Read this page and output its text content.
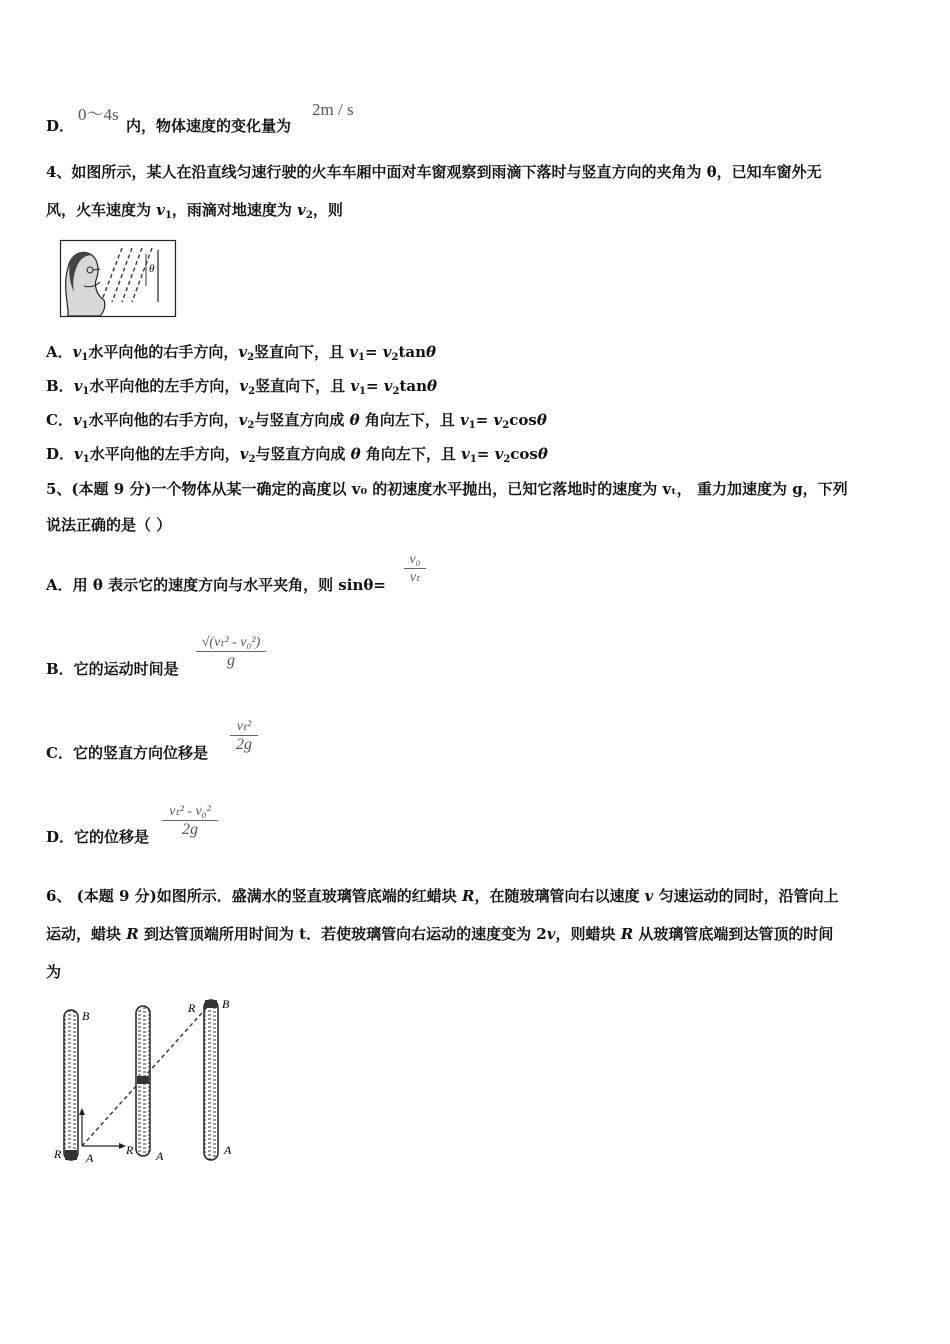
D．
0～4s
内，物体速度的变化量为
2m / s
4、如图所示，某人在沿直线匀速行驶的火车车厢中面对车窗观察到雨滴下落时与竖直方向的夹角为 θ，已知车窗外无
风，火车速度为 $v_1$，雨滴对地速度为 $v_2$，则
θ
A．$v_1$水平向他的右手方向，$v_2$竖直向下，且 $v_1= v_2\tan\theta$
B．$v_1$水平向他的左手方向，$v_2$竖直向下，且 $v_1= v_2\tan\theta$
C．$v_1$水平向他的右手方向，$v_2$与竖直方向成 θ 角向左下，且 $v_1= v_2\cos\theta$
D．$v_1$水平向他的左手方向，$v_2$与竖直方向成 θ 角向左下，且 $v_1= v_2\cos\theta$
5、(本题 9 分)一个物体从某一确定的高度以 v₀ 的初速度水平抛出，已知它落地时的速度为 vₜ， 重力加速度为 g，下列
说法正确的是（ ）
A．用 θ 表示它的速度方向与水平夹角，则 $\sin\theta= \frac{\text{v₀}}{\text{vₜ}}$
B．它的运动时间是 $\frac{\text{√(vₜ² - v₀²)}}{g}$
C．它的竖直方向位移是 $\frac{\text{vₜ²}}{2g}$
D．它的位移是 $\frac{\text{vₜ² - v₀²}}{2g}$
6、 (本题 9 分)如图所示．盛满水的竖直玻璃管底端的红蜡块 R，在随玻璃管向右以速度 v 匀速运动的同时，沿管向上
运动，蜡块 R 到达管顶端所用时间为 t．若使玻璃管向右运动的速度变为 2v，则蜡块 R 从玻璃管底端到达管顶的时间
为
B
B
R
R A
R A	A
